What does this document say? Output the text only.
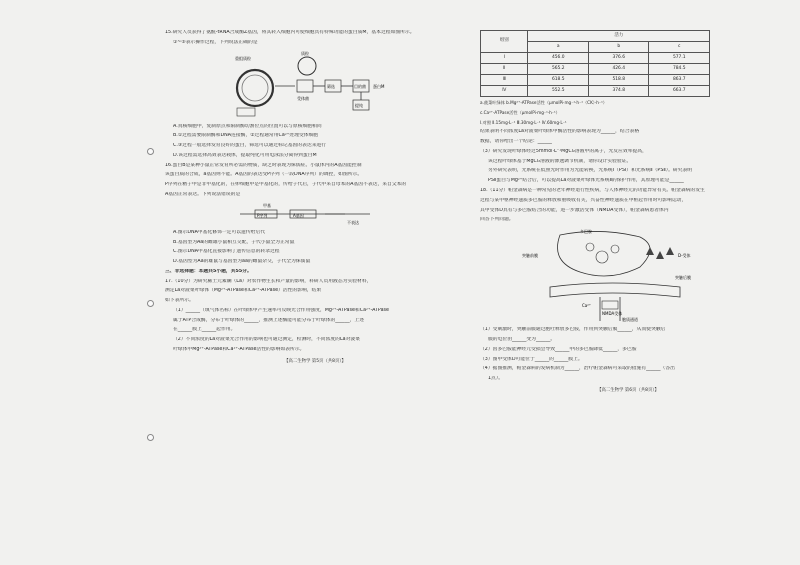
15.研究人员获得了氨酰-tRNA合成酶Z基因，将其转入细胞内可使细胞具有特殊功能的蛋白质M，基本过程如图所示。

①~⑤表示操作过程，下列说法正确的是

重组质粒
质粒
受体菌
筛选	目的菌
提纯
蛋白M

A.真核细胞中，复制原点和限制酶切割位点的位置可以与原核细胞相同

B.①过程需要限制酶和DNA连接酶，②过程通常用Ca²⁺处理受体细胞

C.③过程一般选择发育良好的蛋白，筛选可以通过标记基因的表达来进行

D.该过程需选择高效表达载体，提取纯化可用电泳法分离得到蛋白M

16.蛋白B是某种小鼠正常发育所必需的物质，缺乏时表现为侏儒症。小鼠体内的A基因能控制

该蛋白质的合成，a基因则不能。A基因的表达受P序列（一段DNA序列）的调控，如图所示。

P序列在精子中是非甲基化的，在卵细胞中是甲基化的，传给子代后，子代中来自母本的A基因不表达，来自父本的

A基因正常表达。下列说法错误的是

甲基
P序列	A基因
不表达

A.图示DNA甲基化修饰一定可以遗传给后代

B.基因型为Aa的雌雄小鼠相互交配，子代小鼠全为正常鼠

C.图示DNA甲基化直接影响了遗传信息的转录过程

D.基因型为Aa的雄鼠与基因型为aa的雌鼠杂交，子代全为侏儒鼠

三、非选择题：本题共5小题，共55分。

17.（10分）为研究稀土元素镧（La）对农作物生长和产量的影响，科研人员用液态为实验材料，

测定La对菠菜叶绿体（Mg²⁺-ATPase和Ca²⁺-ATPase）活性的影响，结果

如下表所示。

（1）______（填气体名称）在叶绿体中产生速率可反映光合作用强度，Mg²⁺-ATPase和Ca²⁺-ATPase

属于ATP合成酶，分布于叶绿体的______，推测上述酶能可能分布于叶绿体的______，上述

在______膜上______起作用。

（2）不同浓度的La对菠菜光合作用的影响也可通过测定，检测时，不同浓度的La对菠菜

叶绿体中Mg²⁺-ATPase和Ca²⁺-ATPase活性的影响如表所示。

【高二生物学 第5页（共8页）】

组别	活力		
	a	b	c
Ⅰ	456.0	376.6	577.1
Ⅱ	565.2	426.4	784.5
Ⅲ	618.5	518.8	863.7
Ⅳ	552.5	374.8	663.7

a.菠菜叶绿体 b.Mg²⁺-ATPase活性（μmolPi·mg⁻¹·h⁻¹（CK）·h⁻¹）

c.Ca²⁺-ATPase活性（μmolPi·mg⁻¹·h⁻¹）

Ⅰ.对照 Ⅱ.15mg·L⁻¹ Ⅲ.30mg·L⁻¹ Ⅳ.60mg·L⁻¹

结果表明不同浓度La对菠菜叶绿体中酶活性的影响表现为______，结合表格

数据，请你给出一个结论：______

（3）研究发现叶绿体经过5mmol·L⁻¹MgCl₂溶液中的离子，光反应效率提高，

该过程叶绿体基于MgCl₂溶液的渗透调节机制，请你设计实验验证。

另外研究表明，光系统在低照光时作用为光能转换，光系统I（PSⅠ）和光系统Ⅱ（PSⅡ）。研究表明

PSⅡ蛋白与Mg²⁺结合后，可以提高La对菠菜叶绿体光系统Ⅱ的保护作用，其原理可能是______

18.（11分）帕金森病是一种常见的老年神经退行性疾病，与人体神经元的功能异常有关。帕金森病的发生

过程与某中枢神经递质多巴胺的释放和重吸收有关，兴奋性神经递质在中枢起作用时可影响运动，

其中受体D具有与多巴胺结合的功能，进一步激活受体（NMDA受体），帕金森病患者体内

回答下列问题。

突触前膜
多巴胺
D-受体
突触后膜
Ca²⁺
NMDA受体
胞质通道

（1）受刺激时，突触前膜通过胞吐释放多巴胺，作用到突触后膜______，从而使突触后

膜的电位由______变为______。

（2）因多巴胺能神经元受损会导致______中的多巴胺降低______，多巴胺

（3）图中受体D可能位于______的______膜上。

（4）据图推测，帕金森病的发病机制为______，治疗帕金森病可采取的措施有______（答出

1点）。

【高二生物学 第6页（共8页）】
